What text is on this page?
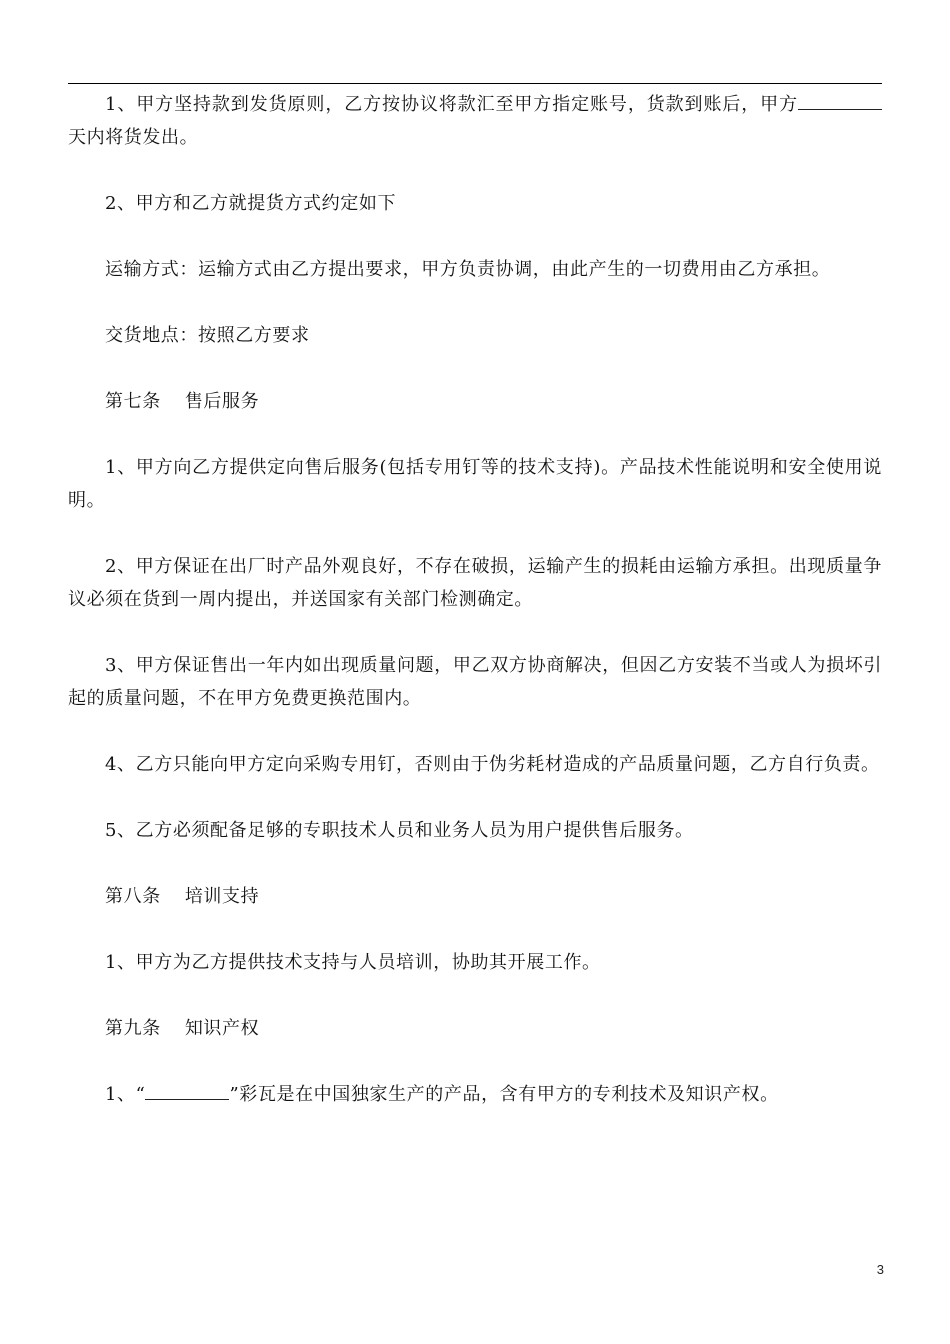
1、甲方坚持款到发货原则，乙方按协议将款汇至甲方指定账号，货款到账后，甲方天内将货发出。

2、甲方和乙方就提货方式约定如下

运输方式：运输方式由乙方提出要求，甲方负责协调，由此产生的一切费用由乙方承担。

交货地点：按照乙方要求

第七条 售后服务

1、甲方向乙方提供定向售后服务(包括专用钉等的技术支持)。产品技术性能说明和安全使用说明。

2、甲方保证在出厂时产品外观良好，不存在破损，运输产生的损耗由运输方承担。出现质量争议必须在货到一周内提出，并送国家有关部门检测确定。

3、甲方保证售出一年内如出现质量问题，甲乙双方协商解决，但因乙方安装不当或人为损坏引起的质量问题，不在甲方免费更换范围内。

4、乙方只能向甲方定向采购专用钉，否则由于伪劣耗材造成的产品质量问题，乙方自行负责。

5、乙方必须配备足够的专职技术人员和业务人员为用户提供售后服务。

第八条 培训支持

1、甲方为乙方提供技术支持与人员培训，协助其开展工作。

第九条 知识产权

1、“	”彩瓦是在中国独家生产的产品，含有甲方的专利技术及知识产权。

3
